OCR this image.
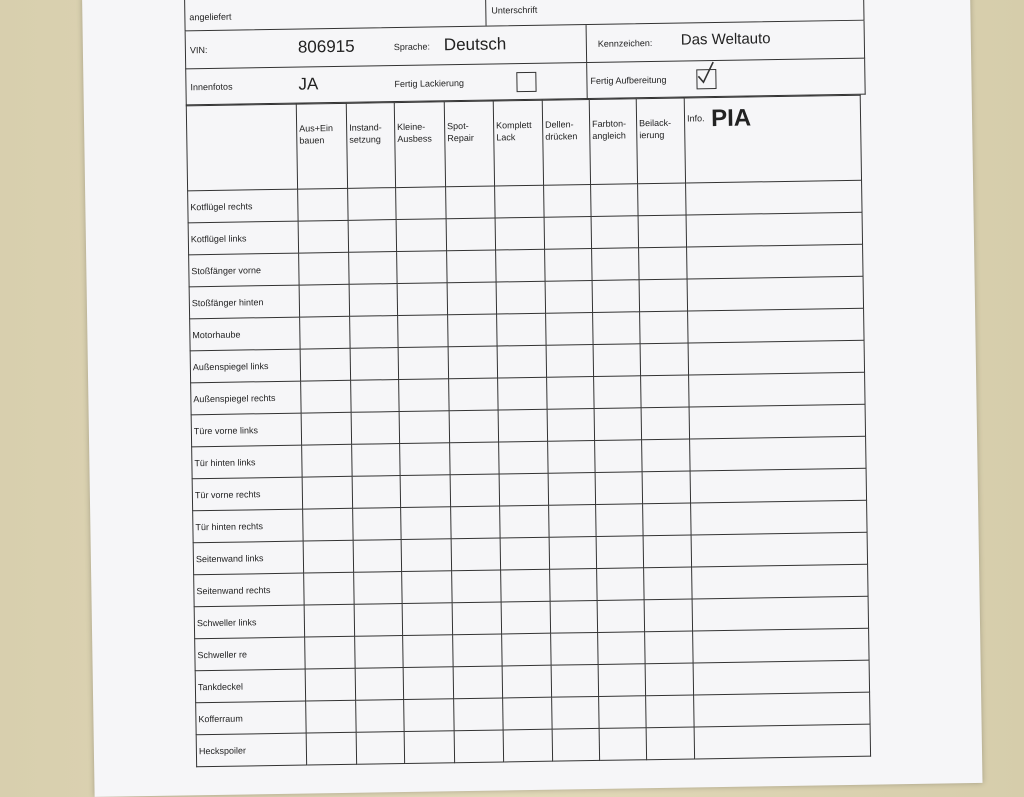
angeliefert
Unterschrift
VIN:	806915	Sprache: Deutsch	Kennzeichen: Das Weltauto
Innenfotos	JA	Fertig Lackierung	Fertig Aufbereitung
	Aus+Ein bauen	Instand-setzung	Kleine-Ausbess	Spot-Repair	Komplett Lack	Dellen-drücken	Farbton-angleich	Beilack-ierung	Info. PIA
Kotflügel rechts									
Kotflügel links									
Stoßfänger vorne									
Stoßfänger hinten									
Motorhaube									
Außenspiegel links									
Außenspiegel rechts									
Türe vorne links									
Tür hinten links									
Tür vorne rechts									
Tür hinten rechts									
Seitenwand links									
Seitenwand rechts									
Schweller links									
Schweller re									
Tankdeckel									
Kofferraum									
Heckspoiler									
